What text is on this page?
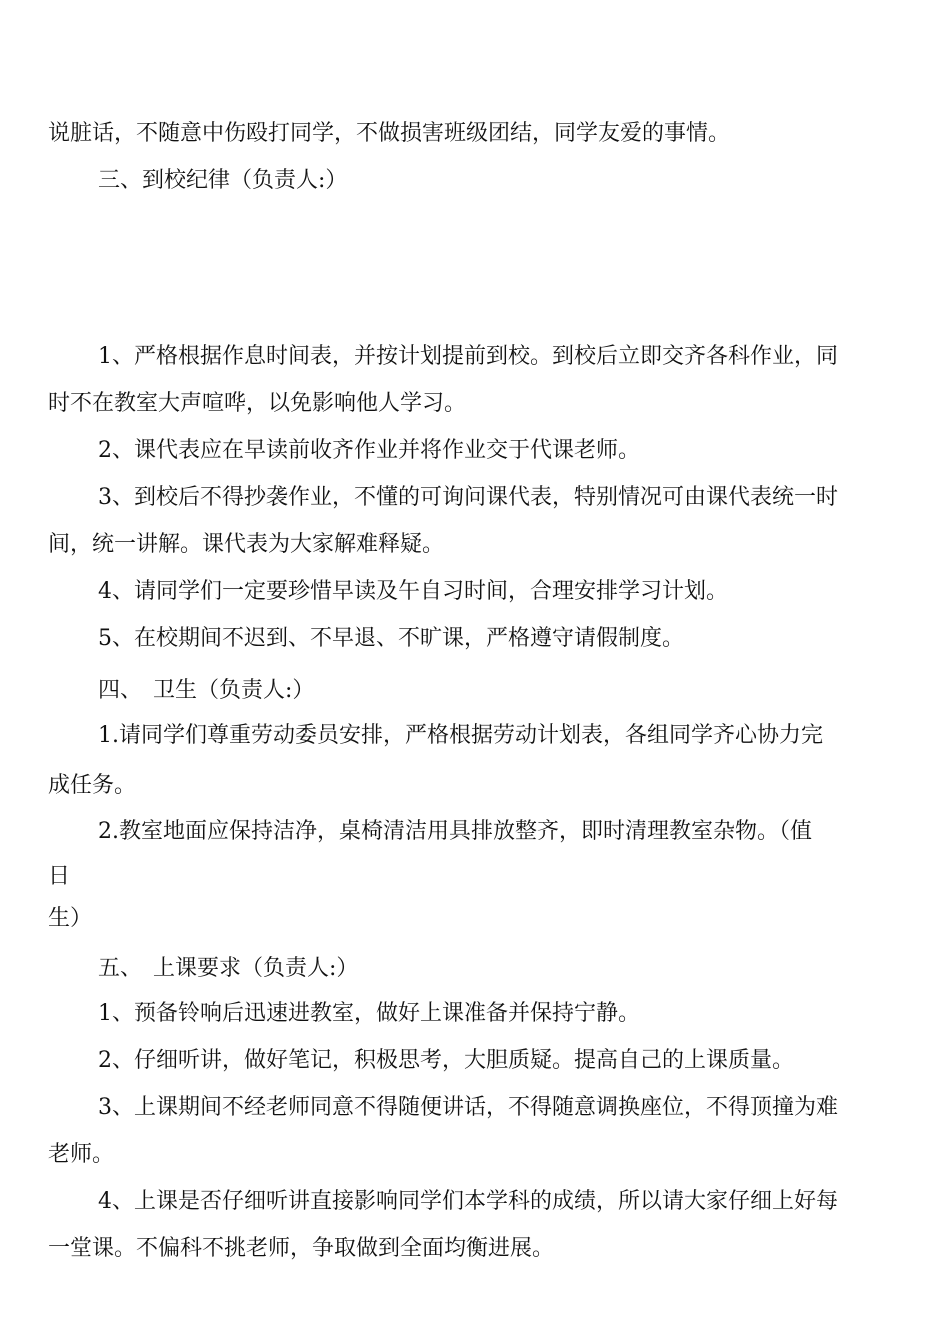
说脏话，不随意中伤殴打同学，不做损害班级团结，同学友爱的事情。
三、到校纪律（负责人:）
1、严格根据作息时间表，并按计划提前到校。到校后立即交齐各科作业，同
时不在教室大声喧哗，以免影响他人学习。
2、课代表应在早读前收齐作业并将作业交于代课老师。
3、到校后不得抄袭作业，不懂的可询问课代表，特别情况可由课代表统一时
间，统一讲解。课代表为大家解难释疑。
4、请同学们一定要珍惜早读及午自习时间，合理安排学习计划。
5、在校期间不迟到、不早退、不旷课，严格遵守请假制度。
四、　卫生（负责人:）
1.请同学们尊重劳动委员安排，严格根据劳动计划表，各组同学齐心协力完
成任务。
2.教室地面应保持洁净，桌椅清洁用具排放整齐，即时清理教室杂物。（值
日
生）
五、　上课要求（负责人:）
1、预备铃响后迅速进教室，做好上课准备并保持宁静。
2、仔细听讲，做好笔记，积极思考，大胆质疑。提高自己的上课质量。
3、上课期间不经老师同意不得随便讲话，不得随意调换座位，不得顶撞为难
老师。
4、上课是否仔细听讲直接影响同学们本学科的成绩，所以请大家仔细上好每
一堂课。不偏科不挑老师，争取做到全面均衡进展。
